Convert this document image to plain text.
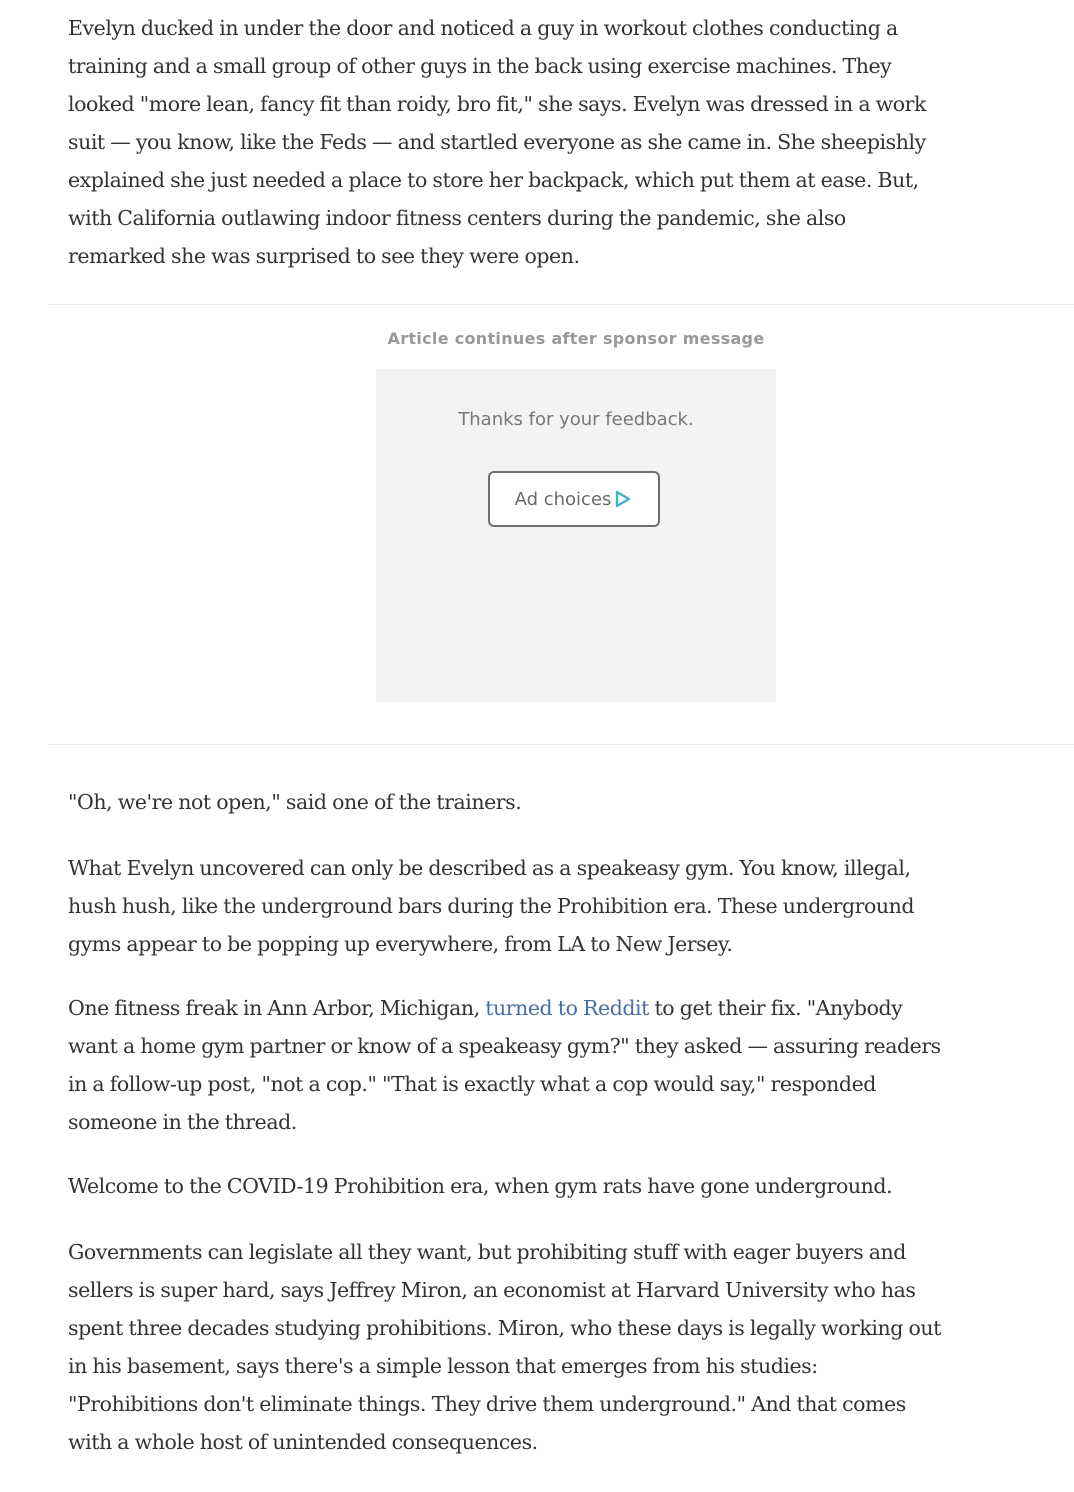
Evelyn ducked in under the door and noticed a guy in workout clothes conducting a training and a small group of other guys in the back using exercise machines. They looked "more lean, fancy fit than roidy, bro fit," she says. Evelyn was dressed in a work suit — you know, like the Feds — and startled everyone as she came in. She sheepishly explained she just needed a place to store her backpack, which put them at ease. But, with California outlawing indoor fitness centers during the pandemic, she also remarked she was surprised to see they were open.

Article continues after sponsor message
Thanks for your feedback.
Ad choices

"Oh, we're not open," said one of the trainers.

What Evelyn uncovered can only be described as a speakeasy gym. You know, illegal, hush hush, like the underground bars during the Prohibition era. These underground gyms appear to be popping up everywhere, from LA to New Jersey.

One fitness freak in Ann Arbor, Michigan, turned to Reddit to get their fix. "Anybody want a home gym partner or know of a speakeasy gym?" they asked — assuring readers in a follow-up post, "not a cop." "That is exactly what a cop would say," responded someone in the thread.

Welcome to the COVID-19 Prohibition era, when gym rats have gone underground.

Governments can legislate all they want, but prohibiting stuff with eager buyers and sellers is super hard, says Jeffrey Miron, an economist at Harvard University who has spent three decades studying prohibitions. Miron, who these days is legally working out in his basement, says there's a simple lesson that emerges from his studies: "Prohibitions don't eliminate things. They drive them underground." And that comes with a whole host of unintended consequences.
